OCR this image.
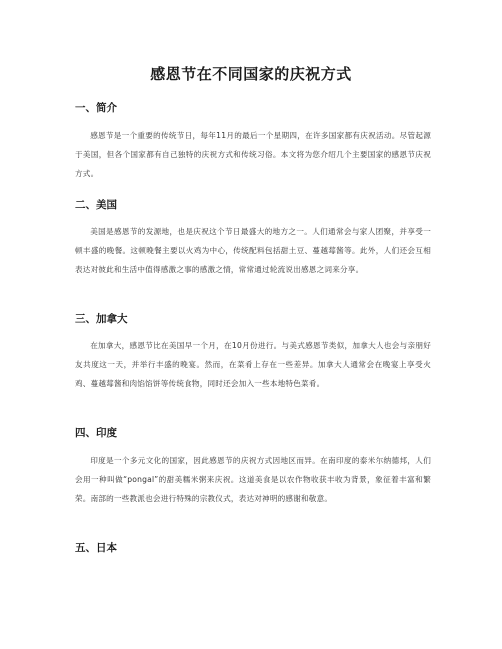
感恩节在不同国家的庆祝方式
一、简介

感恩节是一个重要的传统节日，每年11月的最后一个星期四，在许多国家都有庆祝活动。尽管起源于美国，但各个国家都有自己独特的庆祝方式和传统习俗。本文将为您介绍几个主要国家的感恩节庆祝方式。

二、美国

美国是感恩节的发源地，也是庆祝这个节日最盛大的地方之一。人们通常会与家人团聚，并享受一顿丰盛的晚餐。这顿晚餐主要以火鸡为中心，传统配料包括甜土豆、蔓越莓酱等。此外，人们还会互相表达对彼此和生活中值得感激之事的感激之情，常常通过轮流说出感恩之词来分享。

三、加拿大

在加拿大，感恩节比在美国早一个月，在10月份进行。与美式感恩节类似，加拿大人也会与亲朋好友共度这一天，并举行丰盛的晚宴。然而，在菜肴上存在一些差异。加拿大人通常会在晚宴上享受火鸡、蔓越莓酱和肉馅馅饼等传统食物，同时还会加入一些本地特色菜肴。

四、印度

印度是一个多元文化的国家，因此感恩节的庆祝方式因地区而异。在南印度的泰米尔纳德邦，人们会用一种叫做“pongal”的甜美糯米粥来庆祝。这道美食是以农作物收获丰收为背景，象征着丰富和繁荣。南部的一些教派也会进行特殊的宗教仪式，表达对神明的感谢和敬意。

五、日本
